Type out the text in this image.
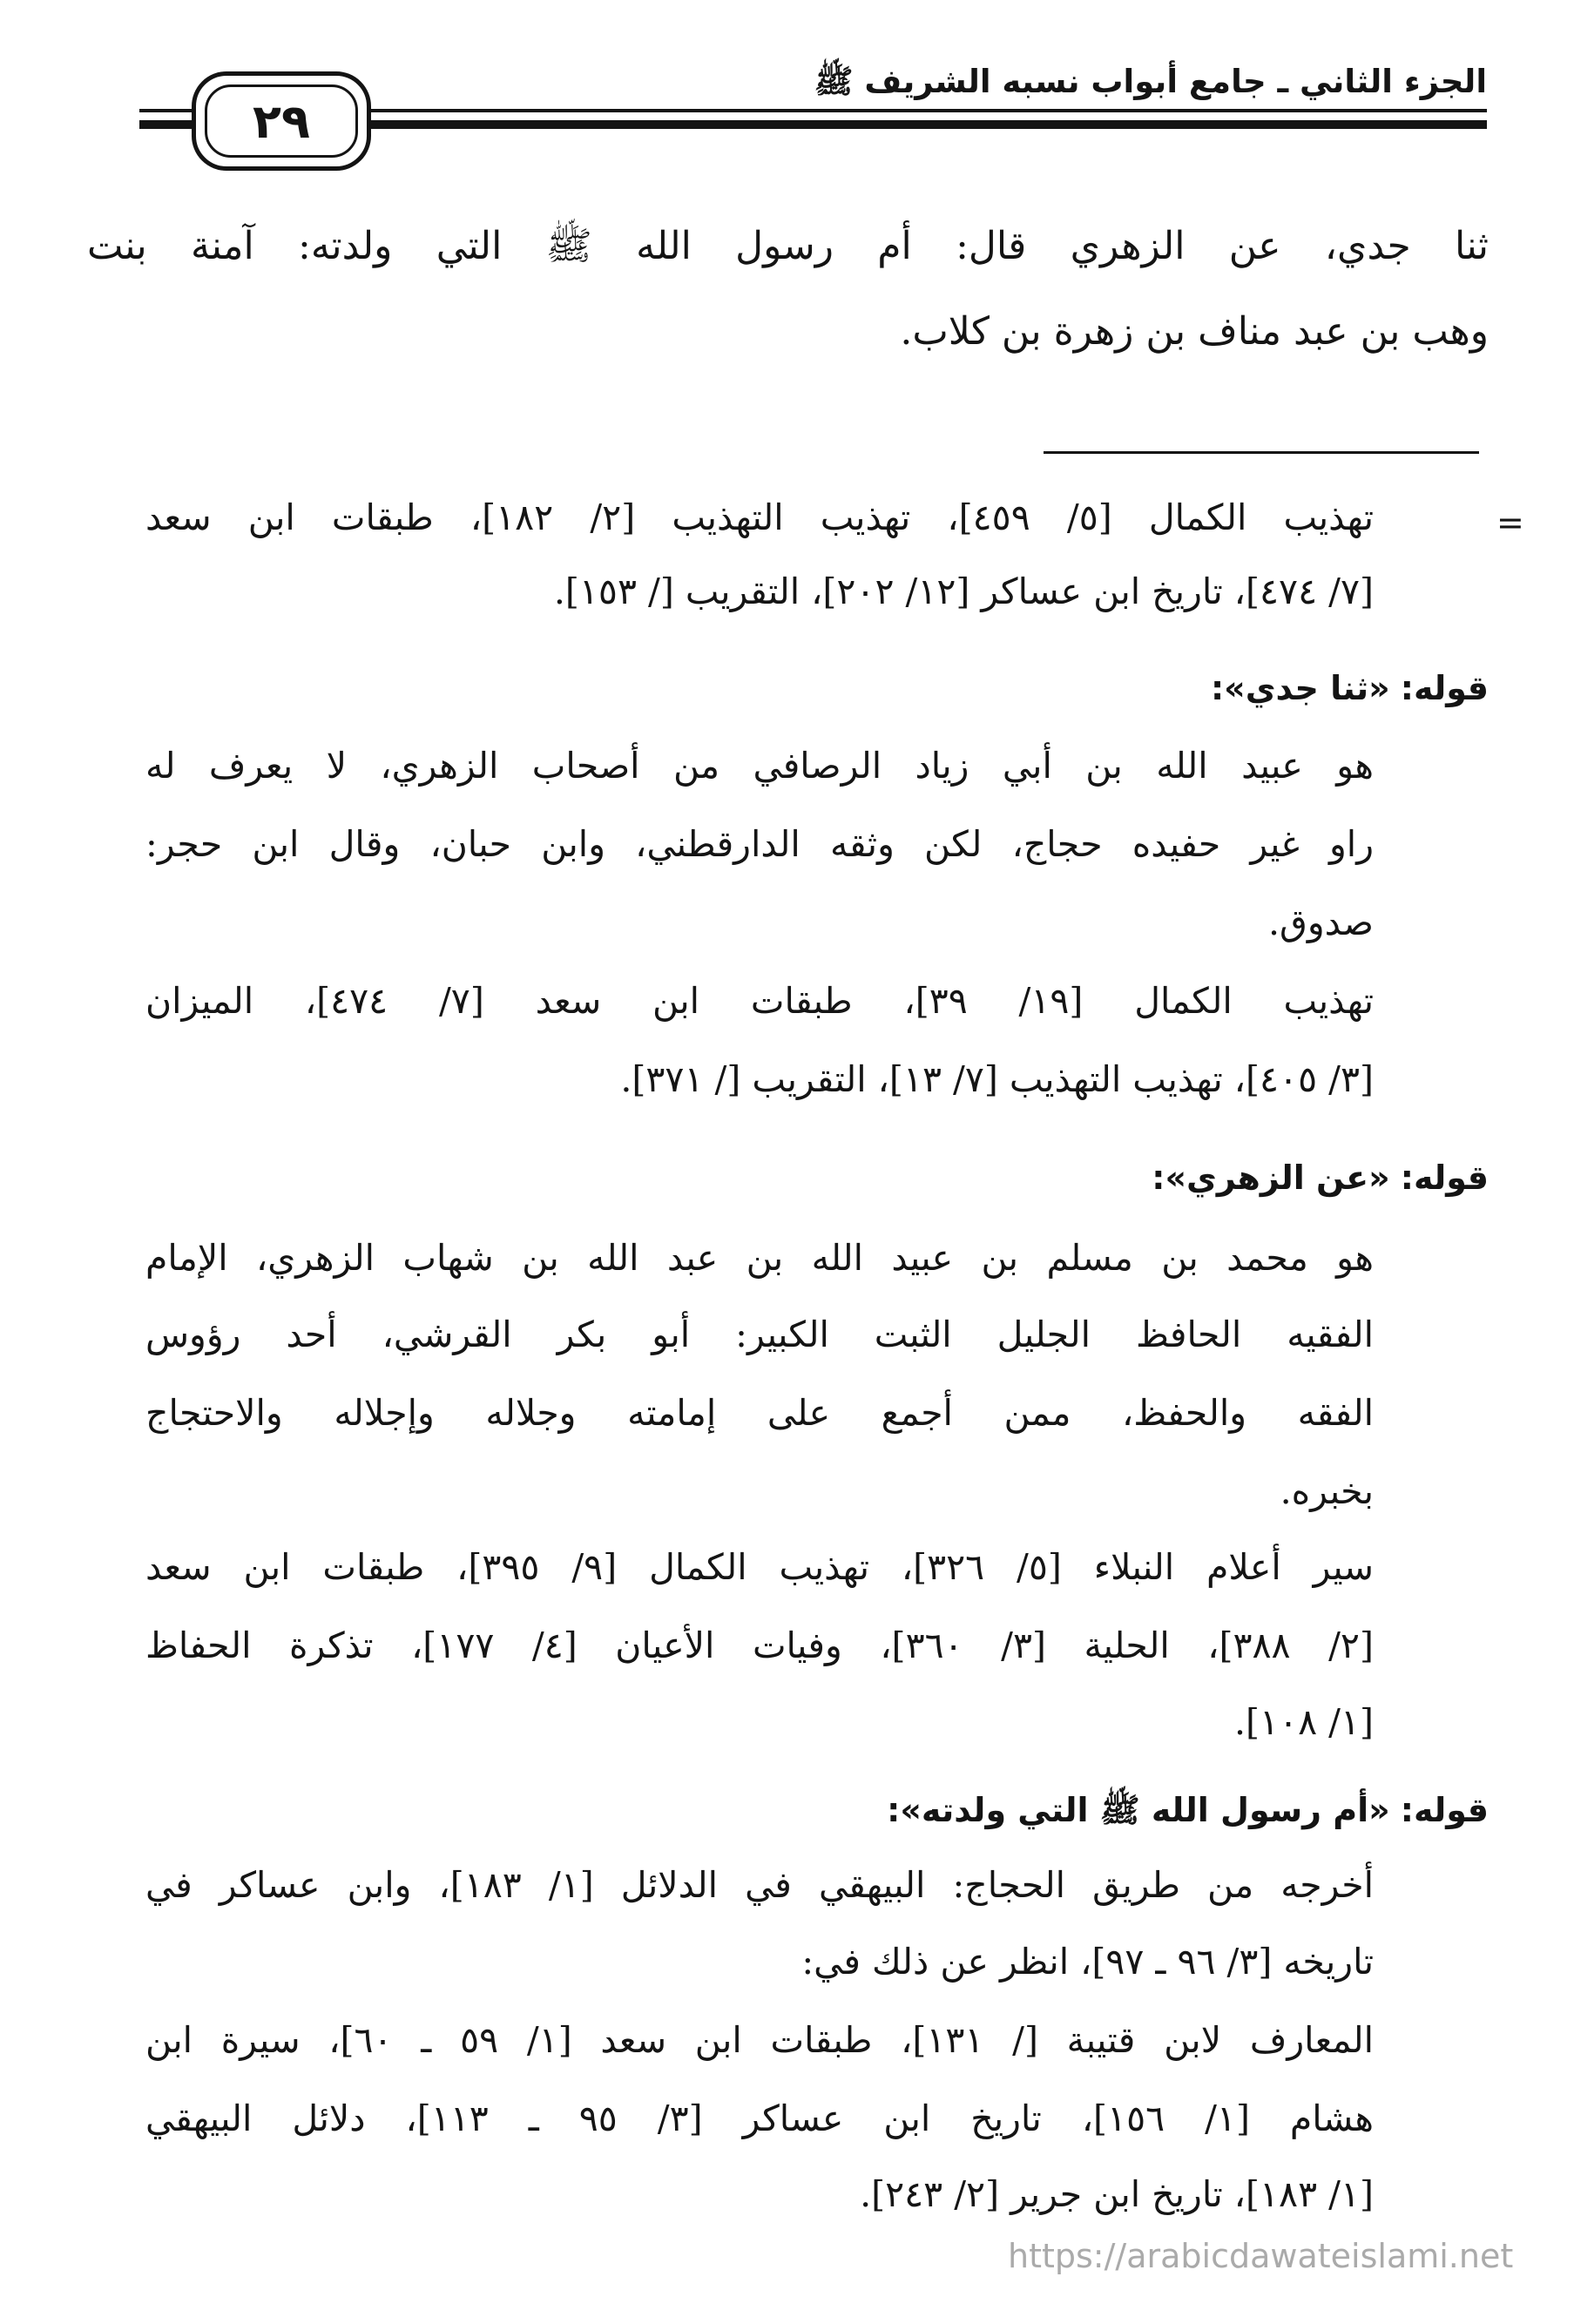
الجزء الثاني ـ جامع أبواب نسبه الشريف ﷺ
٢٩
ثنا جدي، عن الزهري قال: أم رسول الله ﷺ التي ولدته: آمنة بنت
وهب بن عبد مناف بن زهرة بن كلاب.
=
تهذيب الكمال [٥/ ٤٥٩]، تهذيب التهذيب [٢/ ١٨٢]، طبقات ابن سعد
[٧/ ٤٧٤]، تاريخ ابن عساكر [١٢/ ٢٠٢]، التقريب [/ ١٥٣].
قوله: «ثنا جدي»:
هو عبيد الله بن أبي زياد الرصافي من أصحاب الزهري، لا يعرف له
راو غير حفيده حجاج، لكن وثقه الدارقطني، وابن حبان، وقال ابن حجر:
صدوق.
تهذيب الكمال [١٩/ ٣٩]، طبقات ابن سعد [٧/ ٤٧٤]، الميزان
[٣/ ٤٠٥]، تهذيب التهذيب [٧/ ١٣]، التقريب [/ ٣٧١].
قوله: «عن الزهري»:
هو محمد بن مسلم بن عبيد الله بن عبد الله بن شهاب الزهري، الإمام
الفقيه الحافظ الجليل الثبت الكبير: أبو بكر القرشي، أحد رؤوس
الفقه والحفظ، ممن أجمع على إمامته وجلاله وإجلاله والاحتجاج
بخبره.
سير أعلام النبلاء [٥/ ٣٢٦]، تهذيب الكمال [٩/ ٣٩٥]، طبقات ابن سعد
[٢/ ٣٨٨]، الحلية [٣/ ٣٦٠]، وفيات الأعيان [٤/ ١٧٧]، تذكرة الحفاظ
[١/ ١٠٨].
قوله: «أم رسول الله ﷺ التي ولدته»:
أخرجه من طريق الحجاج: البيهقي في الدلائل [١/ ١٨٣]، وابن عساكر في
تاريخه [٣/ ٩٦ ـ ٩٧]، انظر عن ذلك في:
المعارف لابن قتيبة [/ ١٣١]، طبقات ابن سعد [١/ ٥٩ ـ ٦٠]، سيرة ابن
هشام [١/ ١٥٦]، تاريخ ابن عساكر [٣/ ٩٥ ـ ١١٣]، دلائل البيهقي
[١/ ١٨٣]، تاريخ ابن جرير [٢/ ٢٤٣].
https://arabicdawateislami.net
